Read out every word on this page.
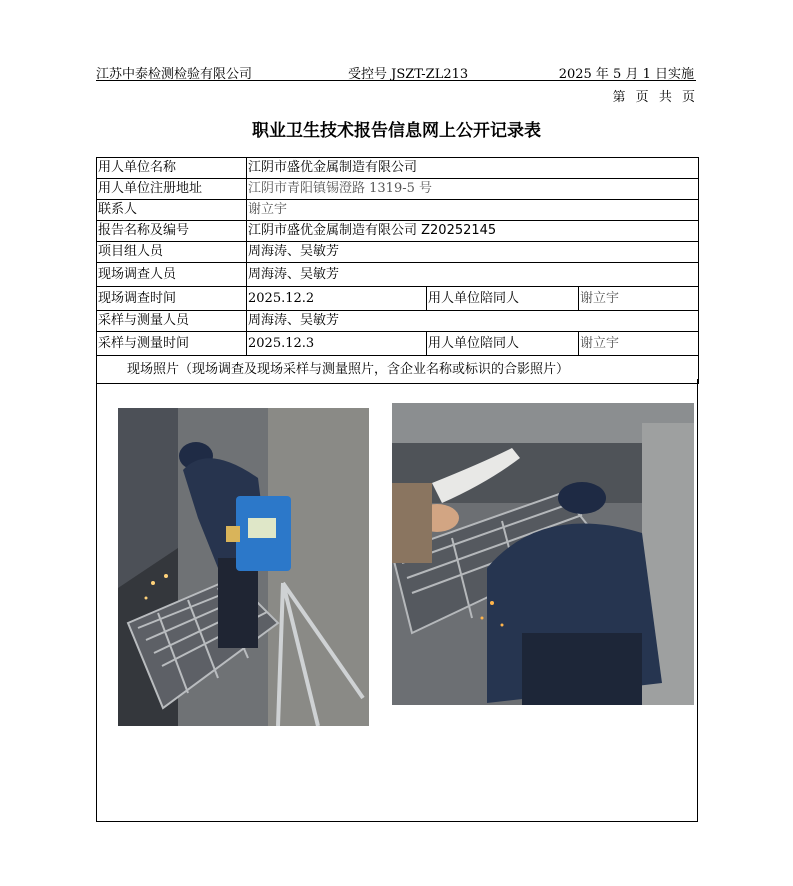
江苏中泰检测检验有限公司	受控号 JSZT-ZL213	2025 年 5 月 1 日实施
第 页 共 页
职业卫生技术报告信息网上公开记录表
用人单位名称	江阴市盛优金属制造有限公司		
用人单位注册地址	江阴市青阳镇锡澄路 1319-5 号		
联系人	谢立宇		
报告名称及编号	江阴市盛优金属制造有限公司 Z20252145		
项目组人员	周海涛、吴敏芳		
现场调查人员	周海涛、吴敏芳		
现场调查时间	2025.12.2	用人单位陪同人	谢立宇
采样与测量人员	周海涛、吴敏芳		
采样与测量时间	2025.12.3	用人单位陪同人	谢立宇
现场照片（现场调查及现场采样与测量照片，含企业名称或标识的合影照片）			
